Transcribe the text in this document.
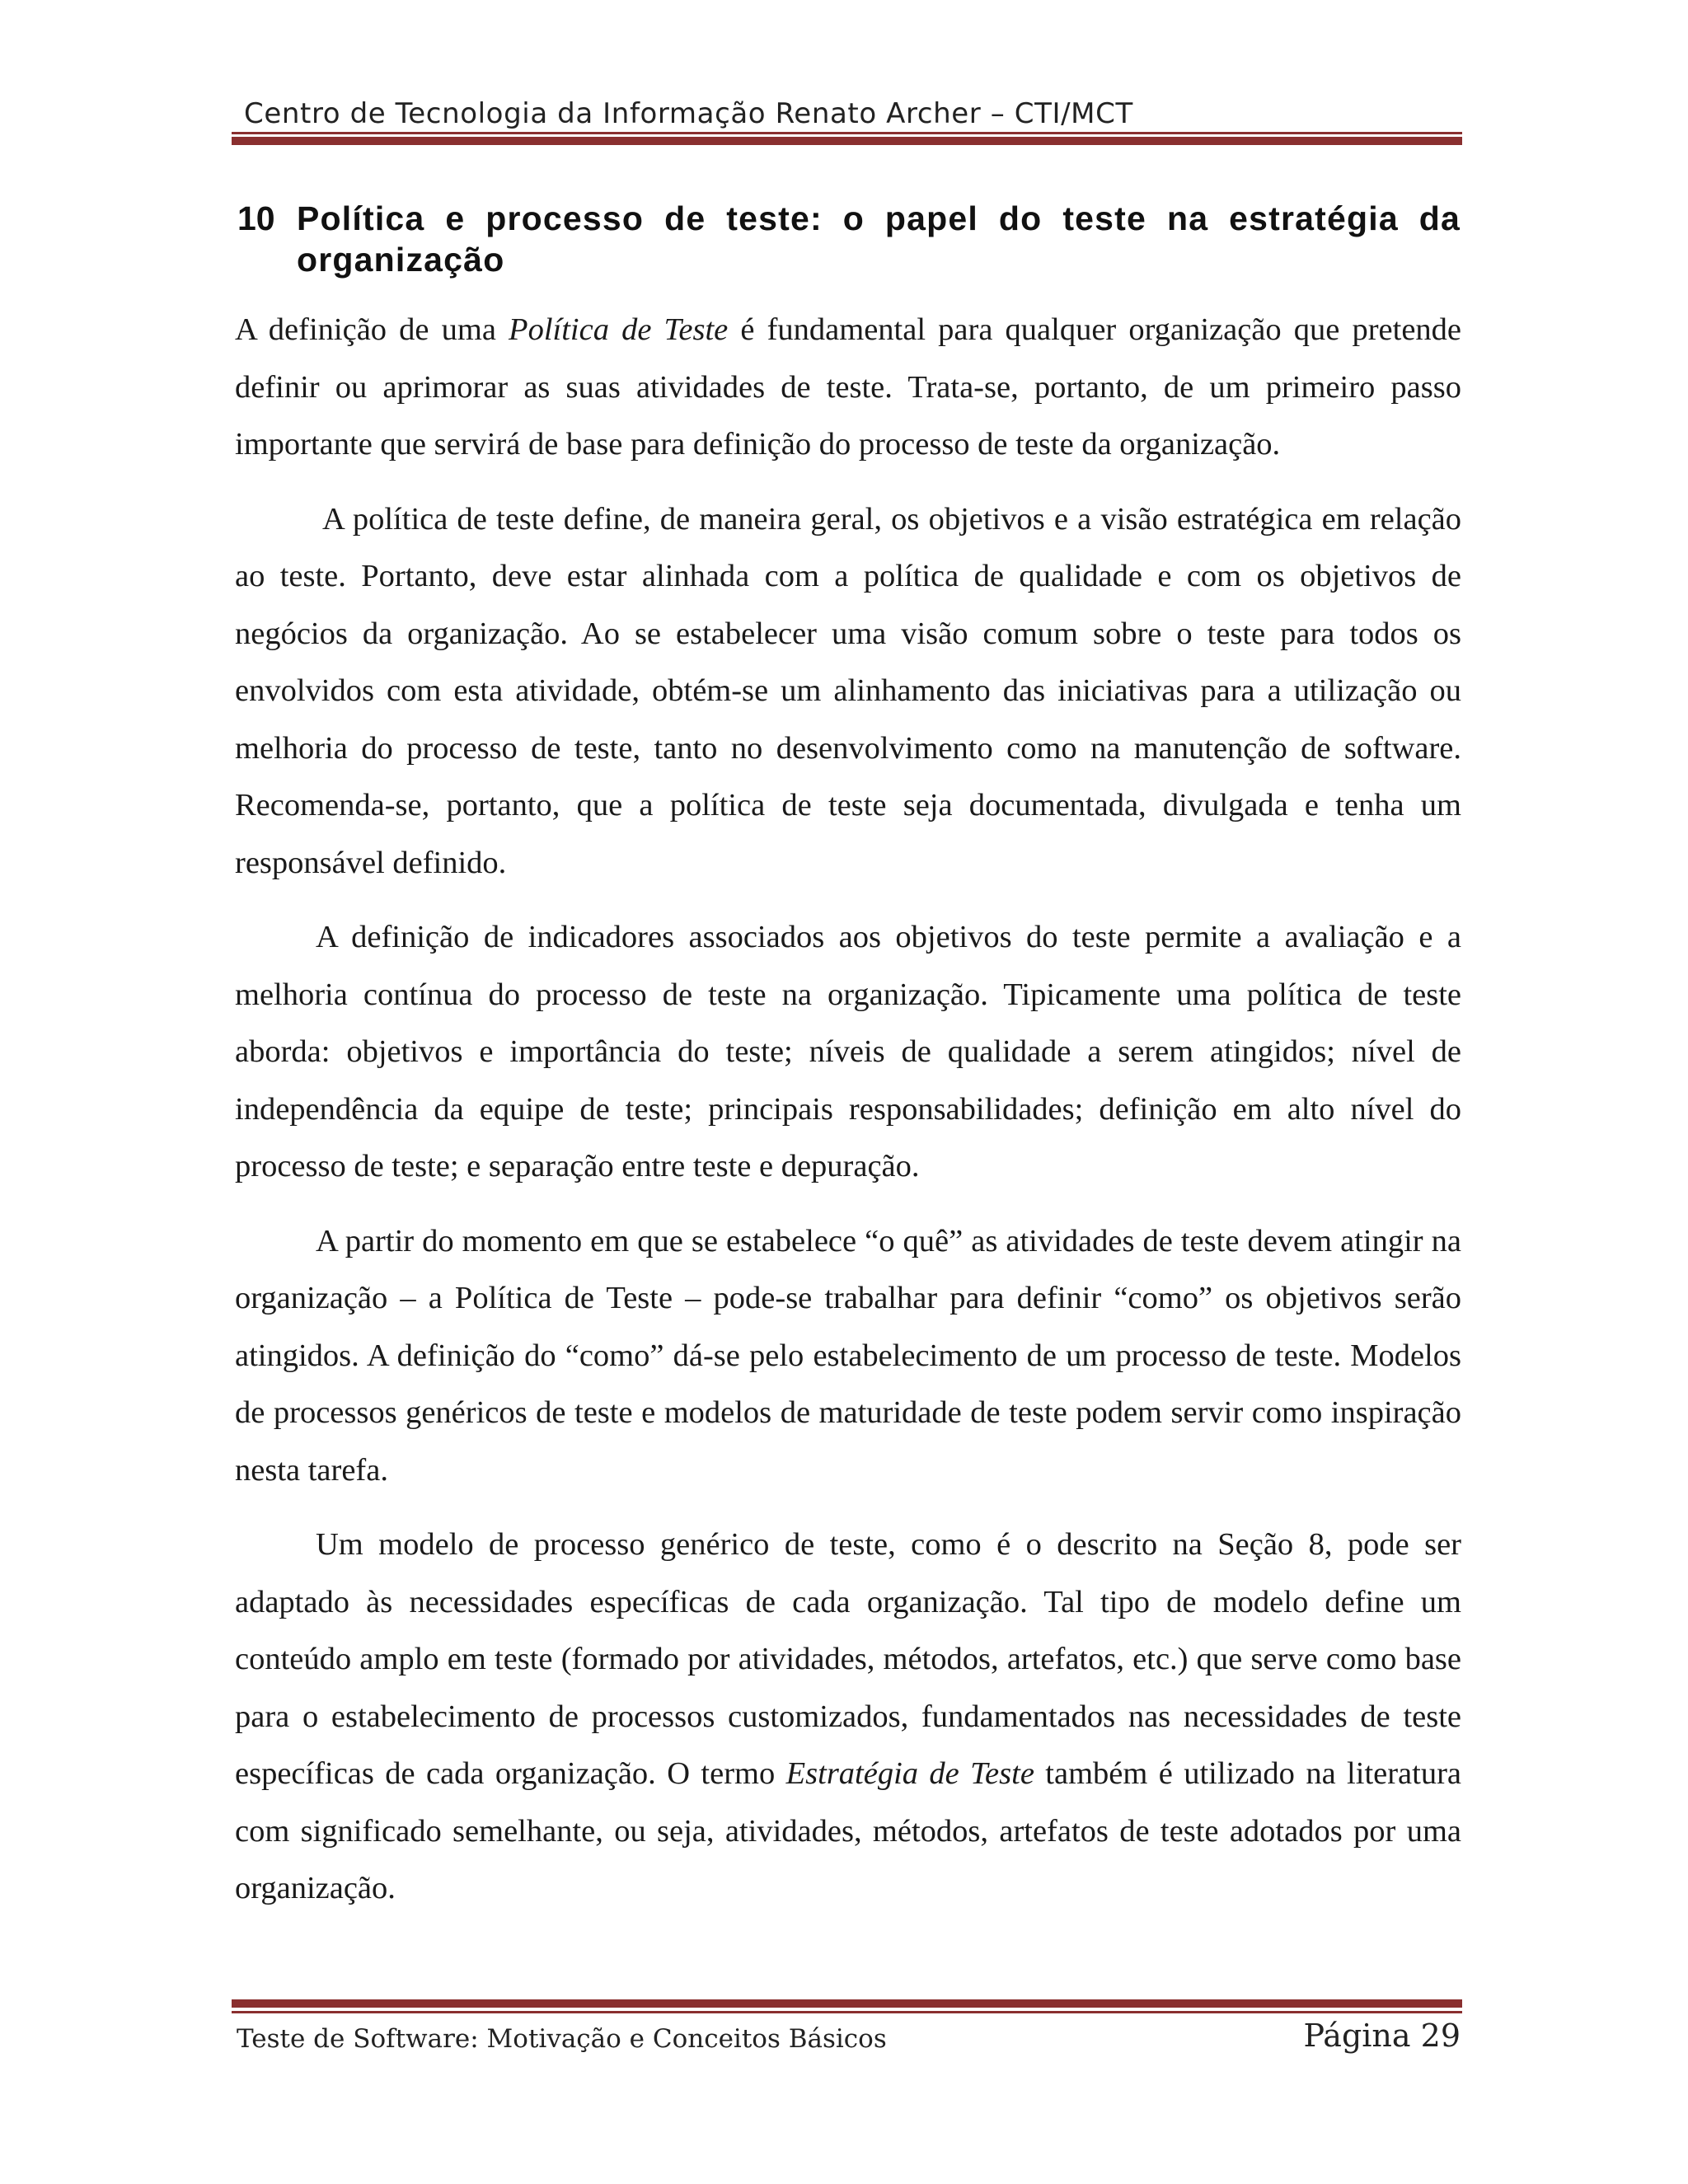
Centro de Tecnologia da Informação Renato Archer – CTI/MCT
10 Política e processo de teste: o papel do teste na estratégia da organização

A definição de uma Política de Teste é fundamental para qualquer organização que pretende definir ou aprimorar as suas atividades de teste. Trata-se, portanto, de um primeiro passo importante que servirá de base para definição do processo de teste da organização.

A política de teste define, de maneira geral, os objetivos e a visão estratégica em relação ao teste. Portanto, deve estar alinhada com a política de qualidade e com os objetivos de negócios da organização. Ao se estabelecer uma visão comum sobre o teste para todos os envolvidos com esta atividade, obtém-se um alinhamento das iniciativas para a utilização ou melhoria do processo de teste, tanto no desenvolvimento como na manutenção de software. Recomenda-se, portanto, que a política de teste seja documentada, divulgada e tenha um responsável definido.

A definição de indicadores associados aos objetivos do teste permite a avaliação e a melhoria contínua do processo de teste na organização. Tipicamente uma política de teste aborda: objetivos e importância do teste; níveis de qualidade a serem atingidos; nível de independência da equipe de teste; principais responsabilidades; definição em alto nível do processo de teste; e separação entre teste e depuração.

A partir do momento em que se estabelece “o quê” as atividades de teste devem atingir na organização – a Política de Teste – pode-se trabalhar para definir “como” os objetivos serão atingidos. A definição do “como” dá-se pelo estabelecimento de um processo de teste. Modelos de processos genéricos de teste e modelos de maturidade de teste podem servir como inspiração nesta tarefa.

Um modelo de processo genérico de teste, como é o descrito na Seção 8, pode ser adaptado às necessidades específicas de cada organização. Tal tipo de modelo define um conteúdo amplo em teste (formado por atividades, métodos, artefatos, etc.) que serve como base para o estabelecimento de processos customizados, fundamentados nas necessidades de teste específicas de cada organização. O termo Estratégia de Teste também é utilizado na literatura com significado semelhante, ou seja, atividades, métodos, artefatos de teste adotados por uma organização.

Teste de Software: Motivação e Conceitos Básicos	Página 29
